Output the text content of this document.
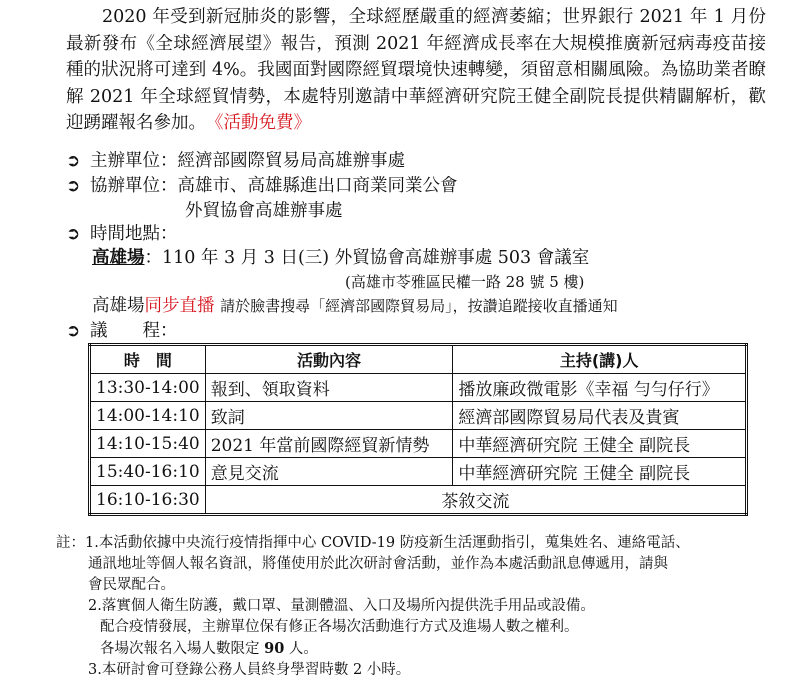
2020 年受到新冠肺炎的影響，全球經歷嚴重的經濟萎縮；世界銀行 2021 年 1 月份最新發布《全球經濟展望》報告，預測 2021 年經濟成長率在大規模推廣新冠病毒疫苗接種的狀況將可達到 4%。我國面對國際經貿環境快速轉變，須留意相關風險。為協助業者瞭解 2021 年全球經貿情勢，本處特別邀請中華經濟研究院王健全副院長提供精闢解析，歡迎踴躍報名參加。　 《活動免費》
➲ 主辦單位：經濟部國際貿易局高雄辦事處
➲ 協辦單位：高雄市、高雄縣進出口商業同業公會
外貿協會高雄辦事處
➲ 時間地點：
高雄場：110 年 3 月 3 日(三) 外貿協會高雄辦事處 503 會議室
(高雄市苓雅區民權一路 28 號 5 樓)
高雄場同步直播 請於臉書搜尋「經濟部國際貿易局」，按讚追蹤接收直播通知
➲ 議　　程：
時　間	活動內容	主持(講)人
13:30-14:00	報到、領取資料	播放廉政微電影《幸福 勻勻仔行》
14:00-14:10	致詞	經濟部國際貿易局代表及貴賓
14:10-15:40	2021 年當前國際經貿新情勢	中華經濟研究院 王健全 副院長
15:40-16:10	意見交流	中華經濟研究院 王健全 副院長
16:10-16:30	茶敘交流	
註：1.本活動依據中央流行疫情指揮中心 COVID-19 防疫新生活運動指引，蒐集姓名、連絡電話、
通訊地址等個人報名資訊，將僅使用於此次研討會活動，並作為本處活動訊息傳遞用，請與
會民眾配合。
2.落實個人衛生防護，戴口罩、量測體溫、入口及場所內提供洗手用品或設備。
配合疫情發展，主辦單位保有修正各場次活動進行方式及進場人數之權利。
各場次報名入場人數限定 90 人。
3.本研討會可登錄公務人員終身學習時數 2 小時。
